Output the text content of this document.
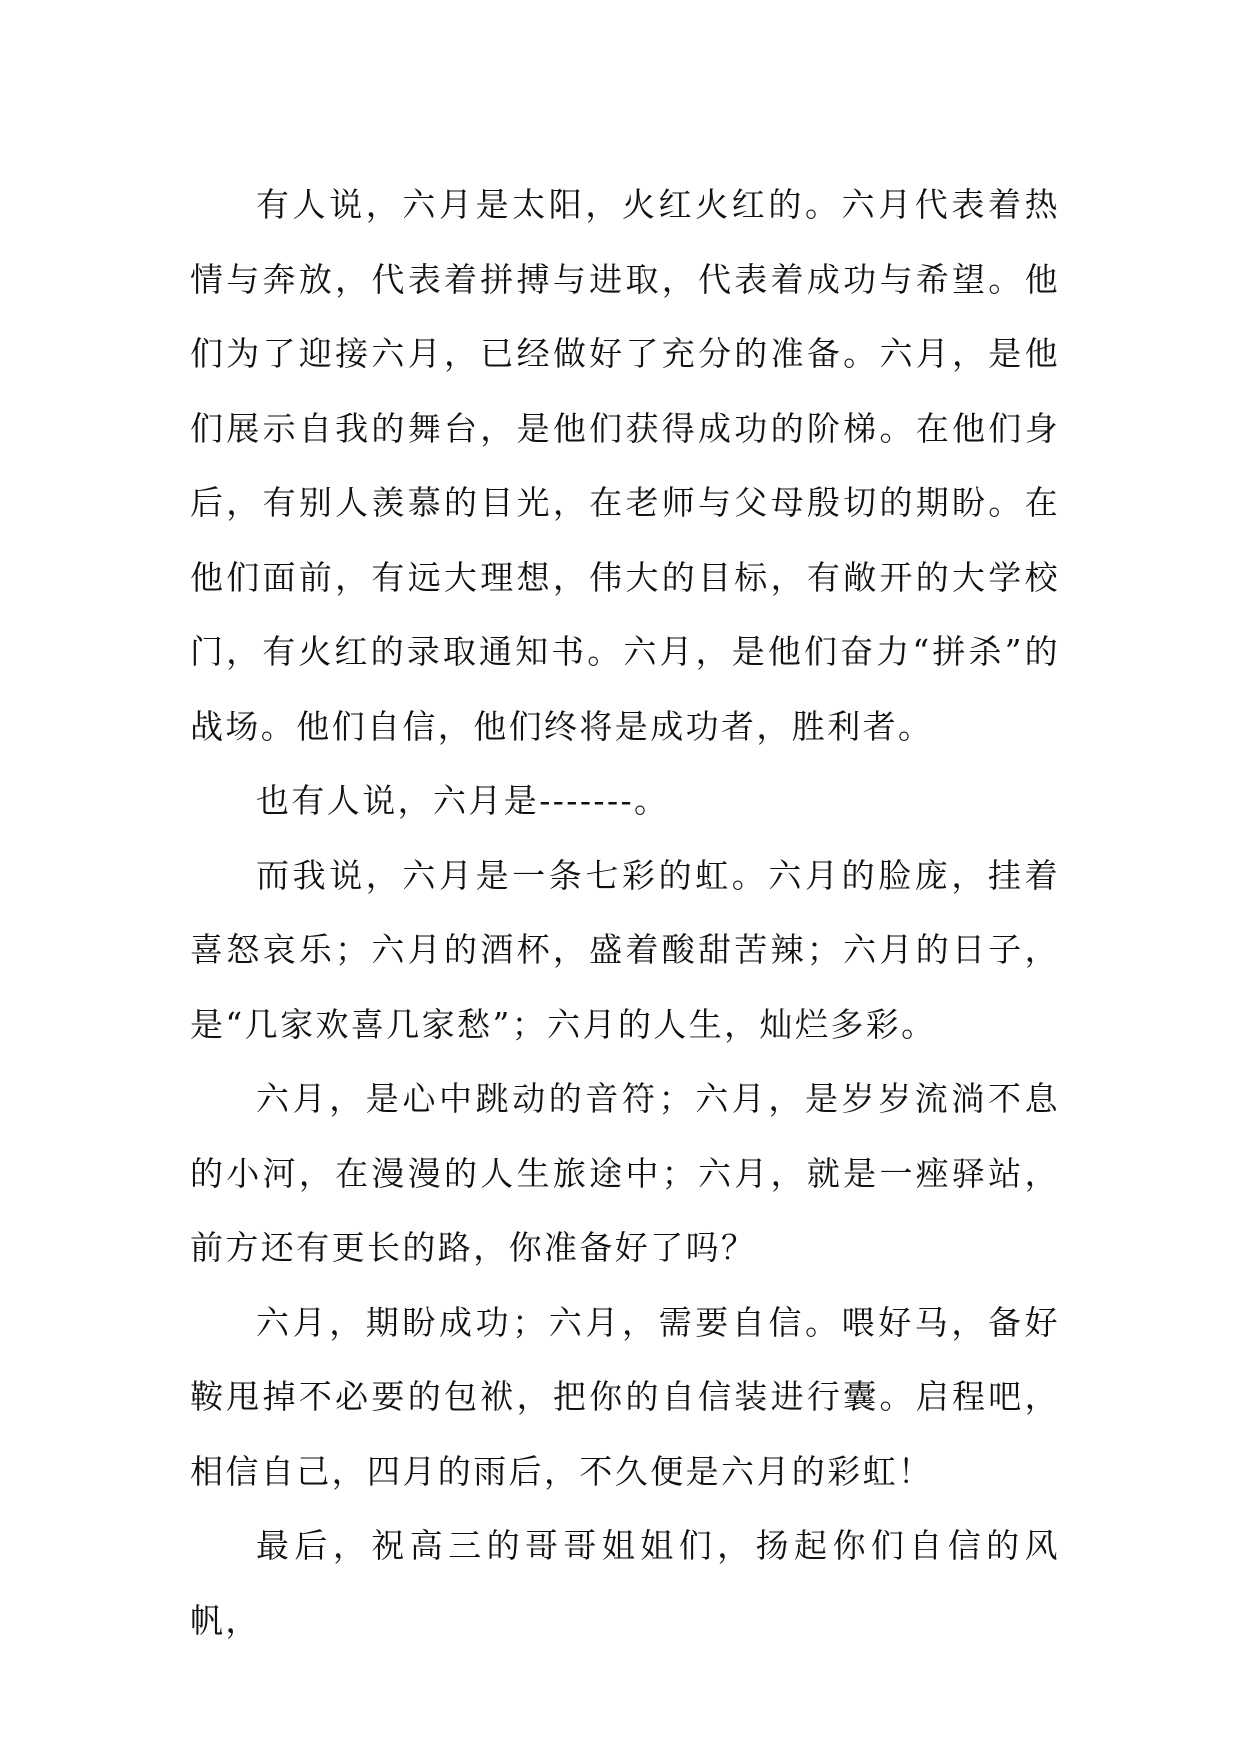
有人说，六月是太阳，火红火红的。六月代表着热情与奔放，代表着拼搏与进取，代表着成功与希望。他们为了迎接六月，已经做好了充分的准备。六月，是他们展示自我的舞台，是他们获得成功的阶梯。在他们身后，有别人羡慕的目光，在老师与父母殷切的期盼。在他们面前，有远大理想，伟大的目标，有敞开的大学校门，有火红的录取通知书。六月，是他们奋力“拼杀”的战场。他们自信，他们终将是成功者，胜利者。

也有人说，六月是-------。

而我说，六月是一条七彩的虹。六月的脸庞，挂着喜怒哀乐；六月的酒杯，盛着酸甜苦辣；六月的日子，是“几家欢喜几家愁”；六月的人生，灿烂多彩。

六月，是心中跳动的音符；六月，是岁岁流淌不息的小河，在漫漫的人生旅途中；六月，就是一痤驿站，前方还有更长的路，你准备好了吗？

六月，期盼成功；六月，需要自信。喂好马，备好鞍甩掉不必要的包袱，把你的自信装进行囊。启程吧，相信自己，四月的雨后，不久便是六月的彩虹！

最后，祝高三的哥哥姐姐们，扬起你们自信的风帆，
